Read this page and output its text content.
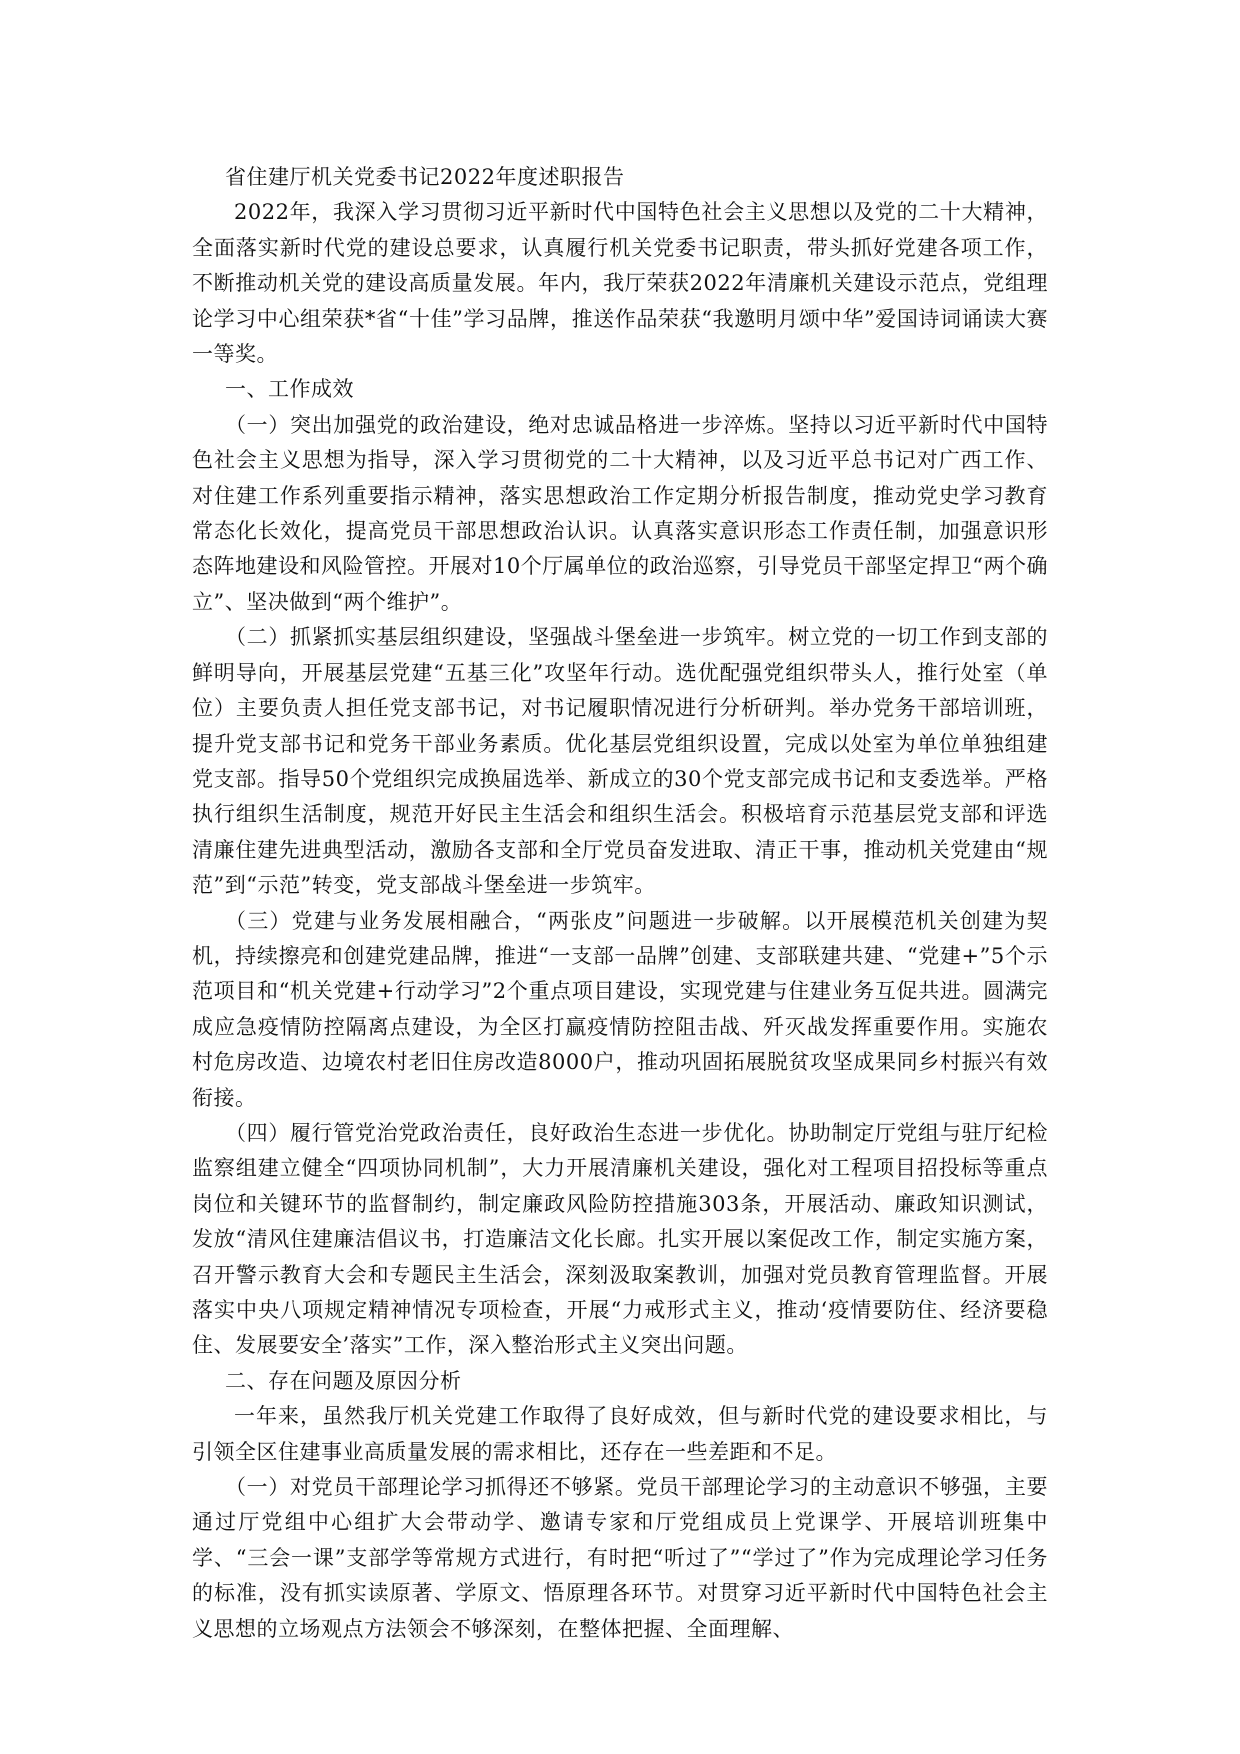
省住建厅机关党委书记2022年度述职报告

2022年，我深入学习贯彻习近平新时代中国特色社会主义思想以及党的二十大精神，全面落实新时代党的建设总要求，认真履行机关党委书记职责，带头抓好党建各项工作，不断推动机关党的建设高质量发展。年内，我厅荣获2022年清廉机关建设示范点，党组理论学习中心组荣获*省“十佳”学习品牌，推送作品荣获“我邀明月颂中华”爱国诗词诵读大赛一等奖。

一、工作成效

（一）突出加强党的政治建设，绝对忠诚品格进一步淬炼。坚持以习近平新时代中国特色社会主义思想为指导，深入学习贯彻党的二十大精神，以及习近平总书记对广西工作、对住建工作系列重要指示精神，落实思想政治工作定期分析报告制度，推动党史学习教育常态化长效化，提高党员干部思想政治认识。认真落实意识形态工作责任制，加强意识形态阵地建设和风险管控。开展对10个厅属单位的政治巡察，引导党员干部坚定捍卫“两个确立”、坚决做到“两个维护”。

（二）抓紧抓实基层组织建设，坚强战斗堡垒进一步筑牢。树立党的一切工作到支部的鲜明导向，开展基层党建“五基三化”攻坚年行动。选优配强党组织带头人，推行处室（单位）主要负责人担任党支部书记，对书记履职情况进行分析研判。举办党务干部培训班，提升党支部书记和党务干部业务素质。优化基层党组织设置，完成以处室为单位单独组建党支部。指导50个党组织完成换届选举、新成立的30个党支部完成书记和支委选举。严格执行组织生活制度，规范开好民主生活会和组织生活会。积极培育示范基层党支部和评选清廉住建先进典型活动，激励各支部和全厅党员奋发进取、清正干事，推动机关党建由“规范”到“示范”转变，党支部战斗堡垒进一步筑牢。

（三）党建与业务发展相融合，“两张皮”问题进一步破解。以开展模范机关创建为契机，持续擦亮和创建党建品牌，推进“一支部一品牌”创建、支部联建共建、“党建+”5个示范项目和“机关党建+行动学习”2个重点项目建设，实现党建与住建业务互促共进。圆满完成应急疫情防控隔离点建设，为全区打赢疫情防控阻击战、歼灭战发挥重要作用。实施农村危房改造、边境农村老旧住房改造8000户，推动巩固拓展脱贫攻坚成果同乡村振兴有效衔接。

（四）履行管党治党政治责任，良好政治生态进一步优化。协助制定厅党组与驻厅纪检监察组建立健全“四项协同机制”，大力开展清廉机关建设，强化对工程项目招投标等重点岗位和关键环节的监督制约，制定廉政风险防控措施303条，开展活动、廉政知识测试，发放“清风住建廉洁倡议书，打造廉洁文化长廊。扎实开展以案促改工作，制定实施方案，召开警示教育大会和专题民主生活会，深刻汲取案教训，加强对党员教育管理监督。开展落实中央八项规定精神情况专项检查，开展“力戒形式主义，推动‘疫情要防住、经济要稳住、发展要安全’落实”工作，深入整治形式主义突出问题。

二、存在问题及原因分析

一年来，虽然我厅机关党建工作取得了良好成效，但与新时代党的建设要求相比，与引领全区住建事业高质量发展的需求相比，还存在一些差距和不足。

（一）对党员干部理论学习抓得还不够紧。党员干部理论学习的主动意识不够强，主要通过厅党组中心组扩大会带动学、邀请专家和厅党组成员上党课学、开展培训班集中学、“三会一课”支部学等常规方式进行，有时把“听过了”“学过了”作为完成理论学习任务的标准，没有抓实读原著、学原文、悟原理各环节。对贯穿习近平新时代中国特色社会主义思想的立场观点方法领会不够深刻，在整体把握、全面理解、
